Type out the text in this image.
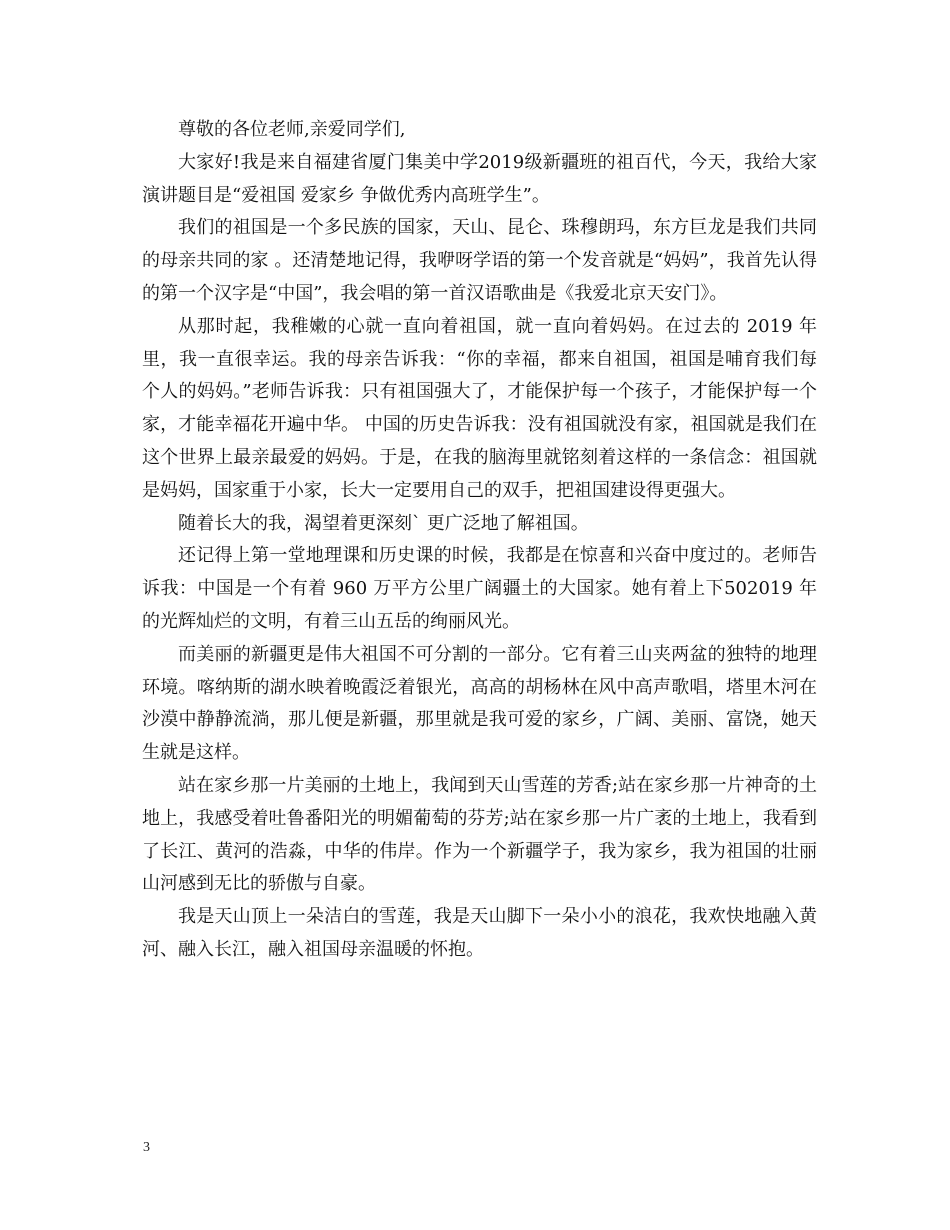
尊敬的各位老师,亲爱同学们,

大家好!我是来自福建省厦门集美中学2019级新疆班的祖百代，今天，我给大家演讲题目是“爱祖国 爱家乡 争做优秀内高班学生”。

我们的祖国是一个多民族的国家，天山、昆仑、珠穆朗玛，东方巨龙是我们共同的母亲共同的家 。还清楚地记得，我咿呀学语的第一个发音就是“妈妈”，我首先认得的第一个汉字是“中国”，我会唱的第一首汉语歌曲是《我爱北京天安门》。

从那时起，我稚嫩的心就一直向着祖国，就一直向着妈妈。在过去的 2019 年里，我一直很幸运。我的母亲告诉我：“你的幸福，都来自祖国，祖国是哺育我们每个人的妈妈。”老师告诉我：只有祖国强大了，才能保护每一个孩子，才能保护每一个家，才能幸福花开遍中华。 中国的历史告诉我：没有祖国就没有家，祖国就是我们在这个世界上最亲最爱的妈妈。于是，在我的脑海里就铭刻着这样的一条信念：祖国就是妈妈，国家重于小家，长大一定要用自己的双手，把祖国建设得更强大。

随着长大的我，渴望着更深刻` 更广泛地了解祖国。

还记得上第一堂地理课和历史课的时候，我都是在惊喜和兴奋中度过的。老师告诉我：中国是一个有着 960 万平方公里广阔疆土的大国家。她有着上下502019 年的光辉灿烂的文明，有着三山五岳的绚丽风光。

而美丽的新疆更是伟大祖国不可分割的一部分。它有着三山夹两盆的独特的地理环境。喀纳斯的湖水映着晚霞泛着银光，高高的胡杨林在风中高声歌唱，塔里木河在沙漠中静静流淌，那儿便是新疆，那里就是我可爱的家乡，广阔、美丽、富饶，她天生就是这样。

站在家乡那一片美丽的土地上，我闻到天山雪莲的芳香;站在家乡那一片神奇的土地上，我感受着吐鲁番阳光的明媚葡萄的芬芳;站在家乡那一片广袤的土地上，我看到了长江、黄河的浩淼，中华的伟岸。作为一个新疆学子，我为家乡，我为祖国的壮丽山河感到无比的骄傲与自豪。

我是天山顶上一朵洁白的雪莲，我是天山脚下一朵小小的浪花，我欢快地融入黄河、融入长江，融入祖国母亲温暖的怀抱。

3
